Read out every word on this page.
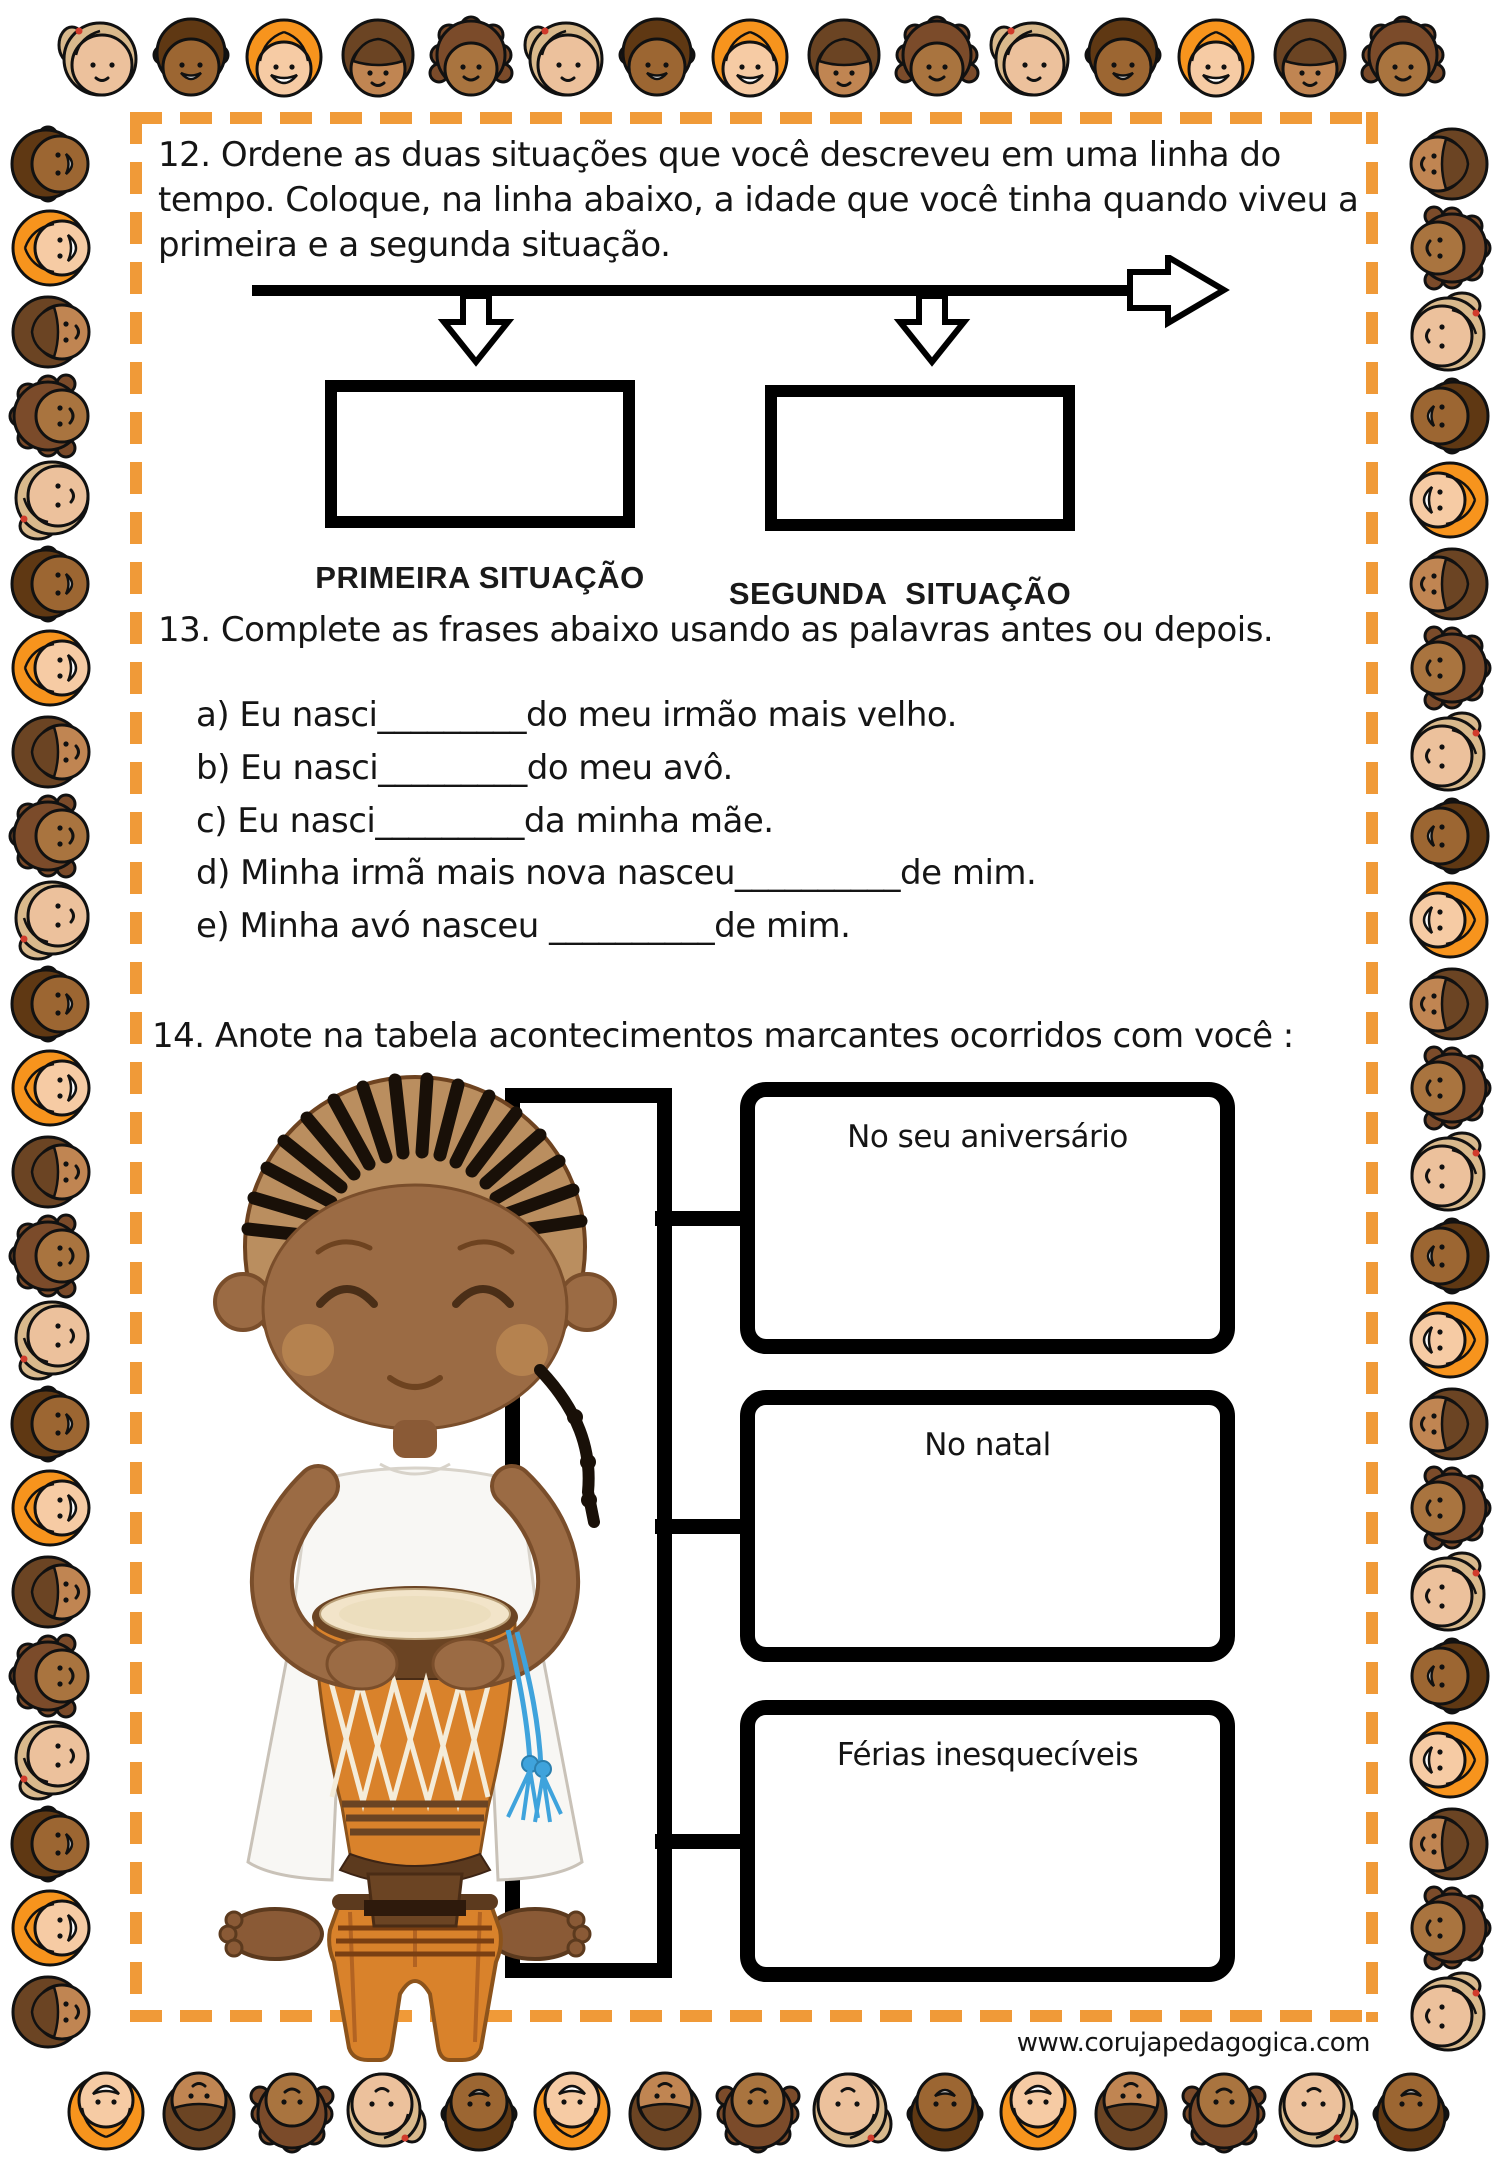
12. Ordene as duas situações que você descreveu em uma linha do
tempo. Coloque, na linha abaixo, a idade que você tinha quando viveu a
primeira e a segunda situação.
PRIMEIRA SITUAÇÃO	SEGUNDA SITUAÇÃO
13. Complete as frases abaixo usando as palavras antes ou depois.
a) Eu nasci_________do meu irmão mais velho.
b) Eu nasci_________do meu avô.
c) Eu nasci_________da minha mãe.
d) Minha irmã mais nova nasceu__________de mim.
e) Minha avó nasceu __________de mim.
14. Anote na tabela acontecimentos marcantes ocorridos com você :
No seu aniversário
No natal
Férias inesquecíveis
www.corujapedagogica.com
